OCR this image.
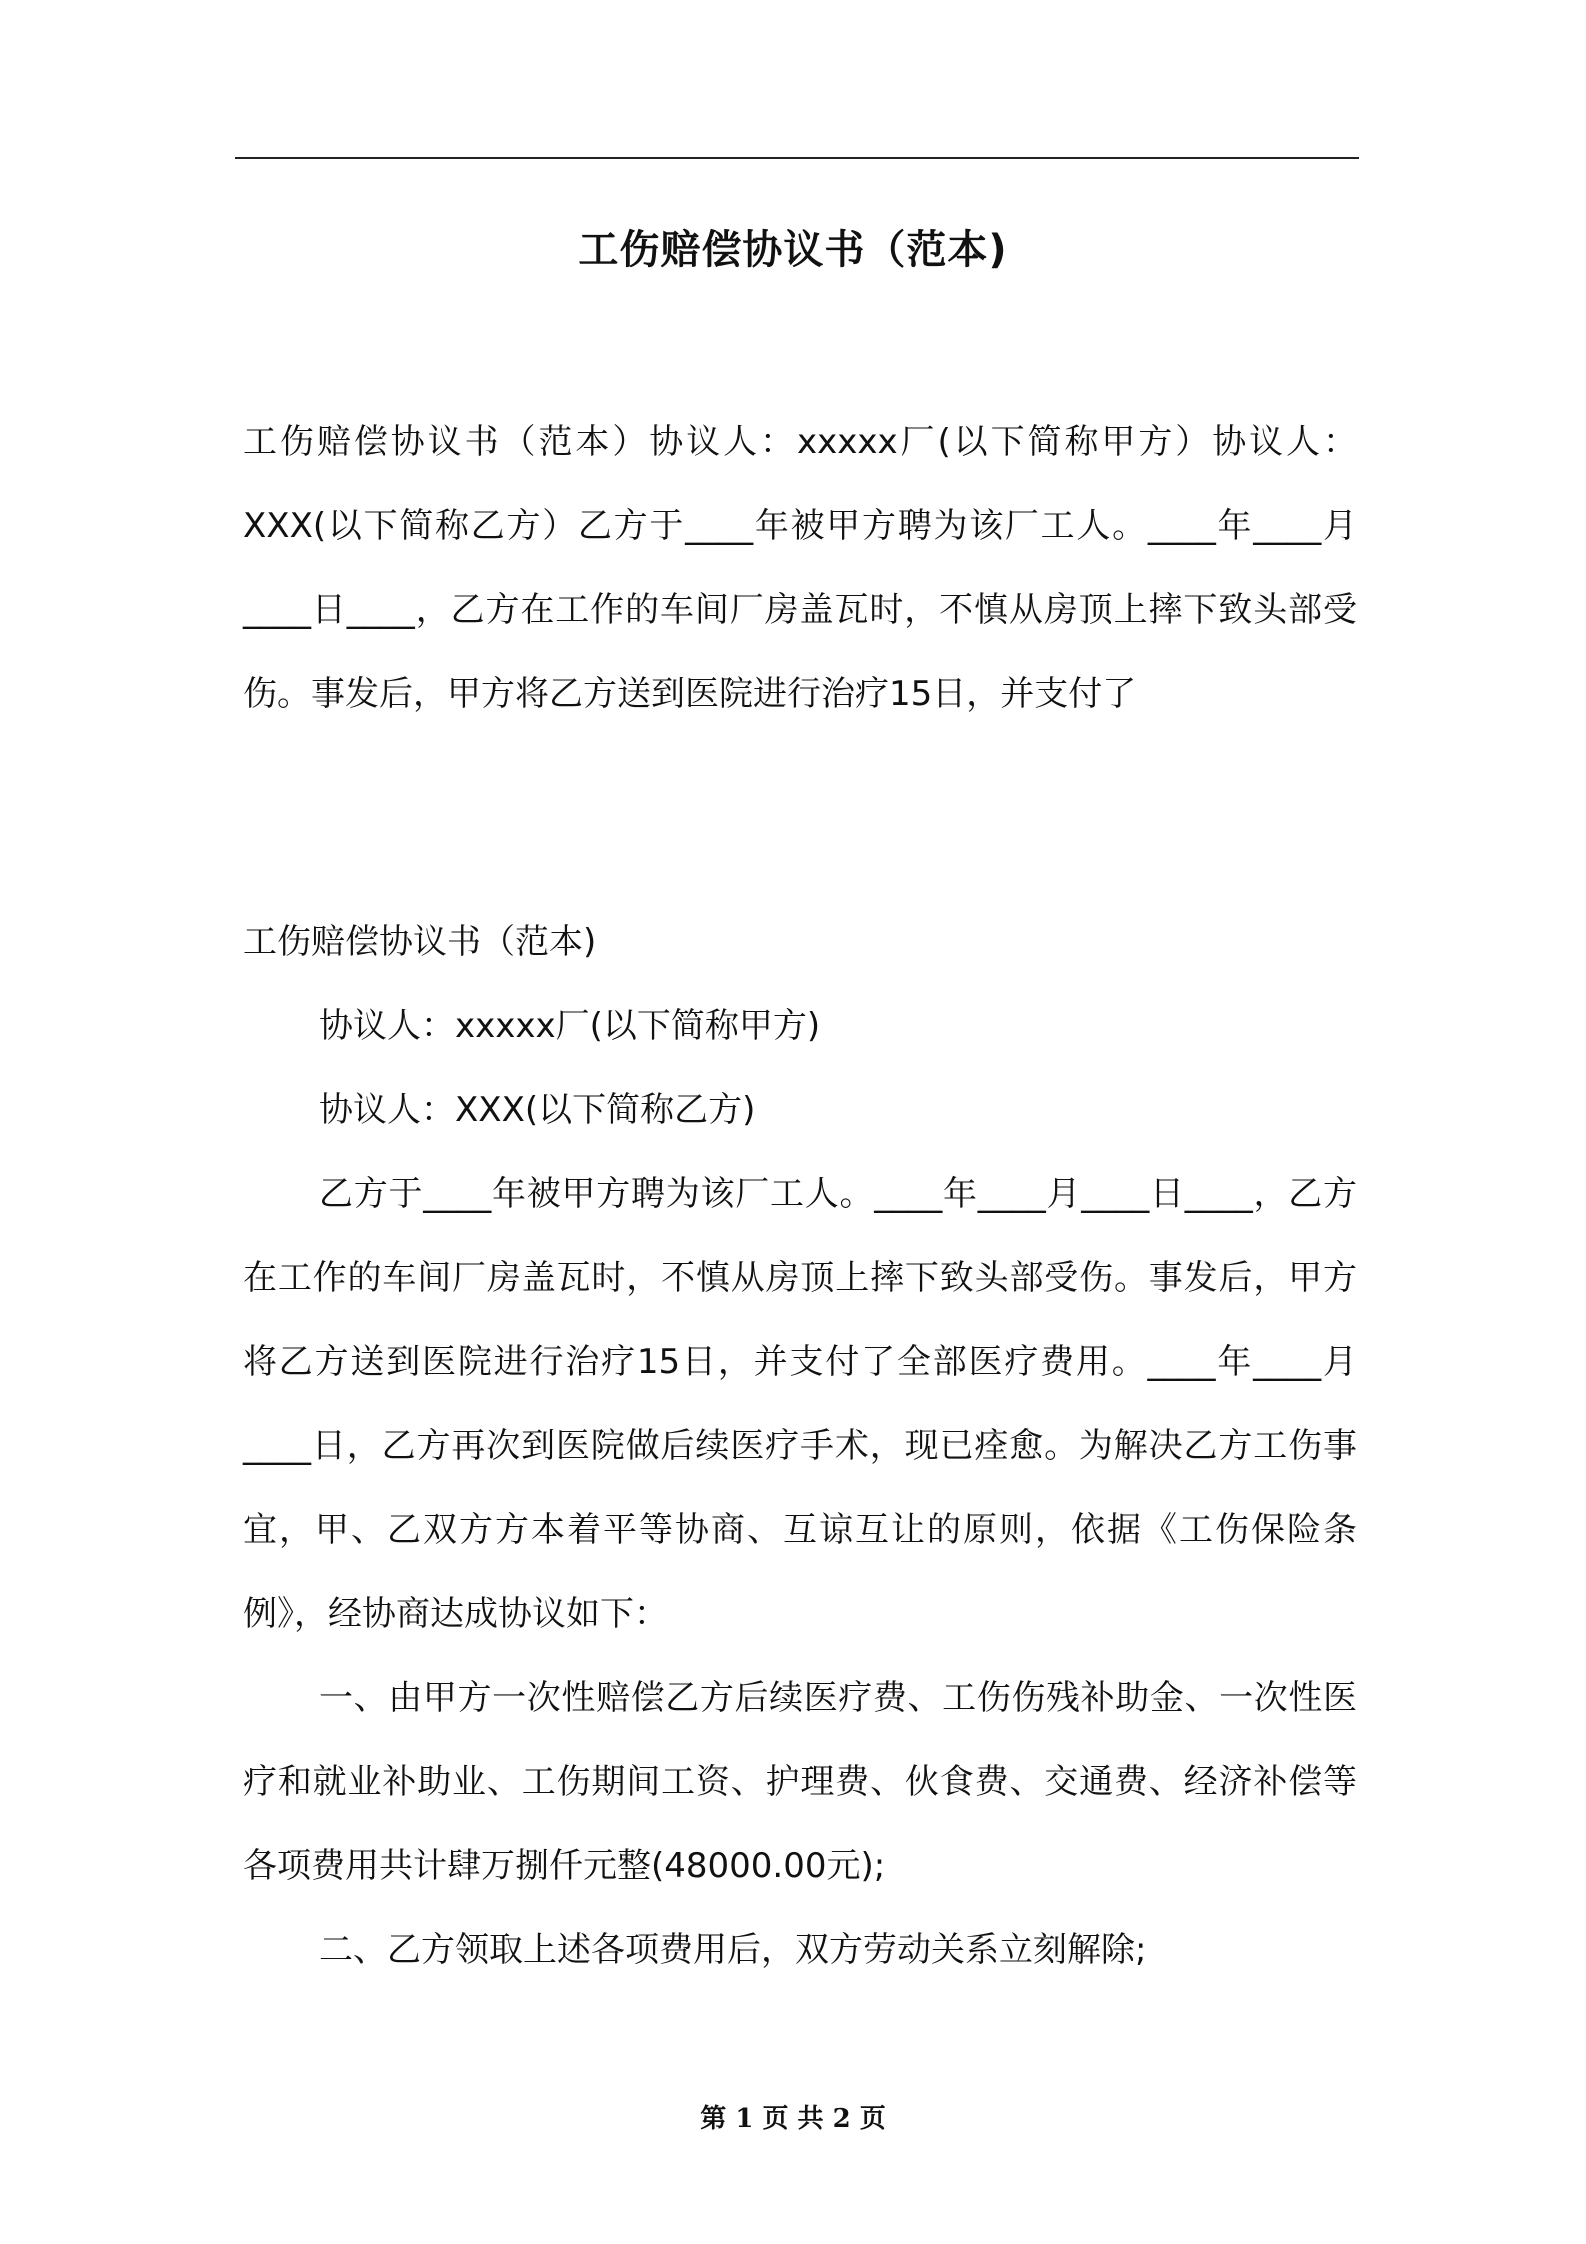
工伤赔偿协议书（范本)

工伤赔偿协议书（范本）协议人：xxxxx厂(以下简称甲方）协议人：XXX(以下简称乙方）乙方于____年被甲方聘为该厂工人。____年____月____日____，乙方在工作的车间厂房盖瓦时，不慎从房顶上摔下致头部受伤。事发后，甲方将乙方送到医院进行治疗15日，并支付了

工伤赔偿协议书（范本)

协议人：xxxxx厂(以下简称甲方)

协议人：XXX(以下简称乙方)

乙方于____年被甲方聘为该厂工人。____年____月____日____，乙方在工作的车间厂房盖瓦时，不慎从房顶上摔下致头部受伤。事发后，甲方将乙方送到医院进行治疗15日，并支付了全部医疗费用。____年____月____日，乙方再次到医院做后续医疗手术，现已痊愈。为解决乙方工伤事宜，甲、乙双方方本着平等协商、互谅互让的原则，依据《工伤保险条例》，经协商达成协议如下：

一、由甲方一次性赔偿乙方后续医疗费、工伤伤残补助金、一次性医疗和就业补助业、工伤期间工资、护理费、伙食费、交通费、经济补偿等各项费用共计肆万捌仟元整(48000.00元);

二、乙方领取上述各项费用后，双方劳动关系立刻解除;

第 1 页 共 2 页
